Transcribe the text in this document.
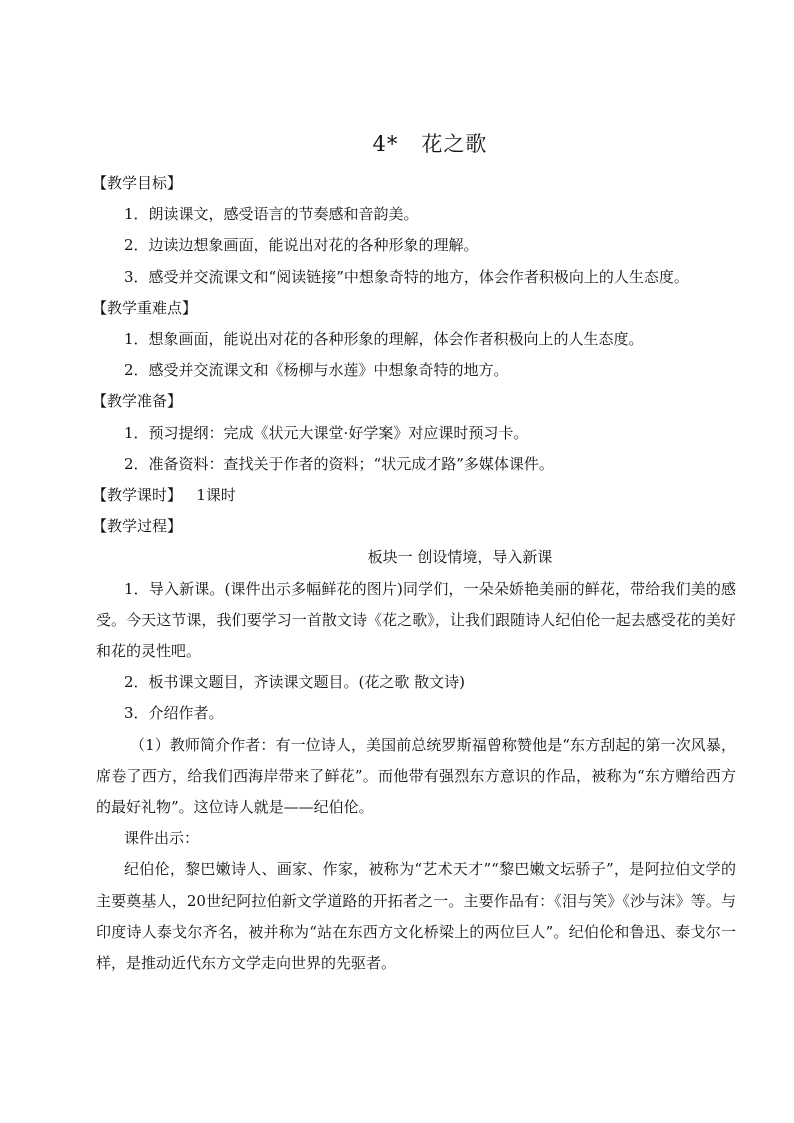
4*   花之歌

【教学目标】

1．朗读课文，感受语言的节奏感和音韵美。

2．边读边想象画面，能说出对花的各种形象的理解。

3．感受并交流课文和“阅读链接”中想象奇特的地方，体会作者积极向上的人生态度。

【教学重难点】

1．想象画面，能说出对花的各种形象的理解，体会作者积极向上的人生态度。

2．感受并交流课文和《杨柳与水莲》中想象奇特的地方。

【教学准备】

1．预习提纲：完成《状元大课堂·好学案》对应课时预习卡。

2．准备资料：查找关于作者的资料；“状元成才路”多媒体课件。

【教学课时】 1课时

【教学过程】

板块一 创设情境，导入新课

1．导入新课。(课件出示多幅鲜花的图片)同学们，一朵朵娇艳美丽的鲜花，带给我们美的感受。今天这节课，我们要学习一首散文诗《花之歌》，让我们跟随诗人纪伯伦一起去感受花的美好和花的灵性吧。

2．板书课文题目，齐读课文题目。(花之歌 散文诗)

3．介绍作者。

（1）教师简介作者：有一位诗人，美国前总统罗斯福曾称赞他是“东方刮起的第一次风暴，席卷了西方，给我们西海岸带来了鲜花”。而他带有强烈东方意识的作品，被称为“东方赠给西方的最好礼物”。这位诗人就是——纪伯伦。

课件出示：

纪伯伦，黎巴嫩诗人、画家、作家，被称为“艺术天才”“黎巴嫩文坛骄子”，是阿拉伯文学的主要奠基人，20世纪阿拉伯新文学道路的开拓者之一。主要作品有：《泪与笑》《沙与沫》等。与印度诗人泰戈尔齐名，被并称为“站在东西方文化桥梁上的两位巨人”。纪伯伦和鲁迅、泰戈尔一样，是推动近代东方文学走向世界的先驱者。
